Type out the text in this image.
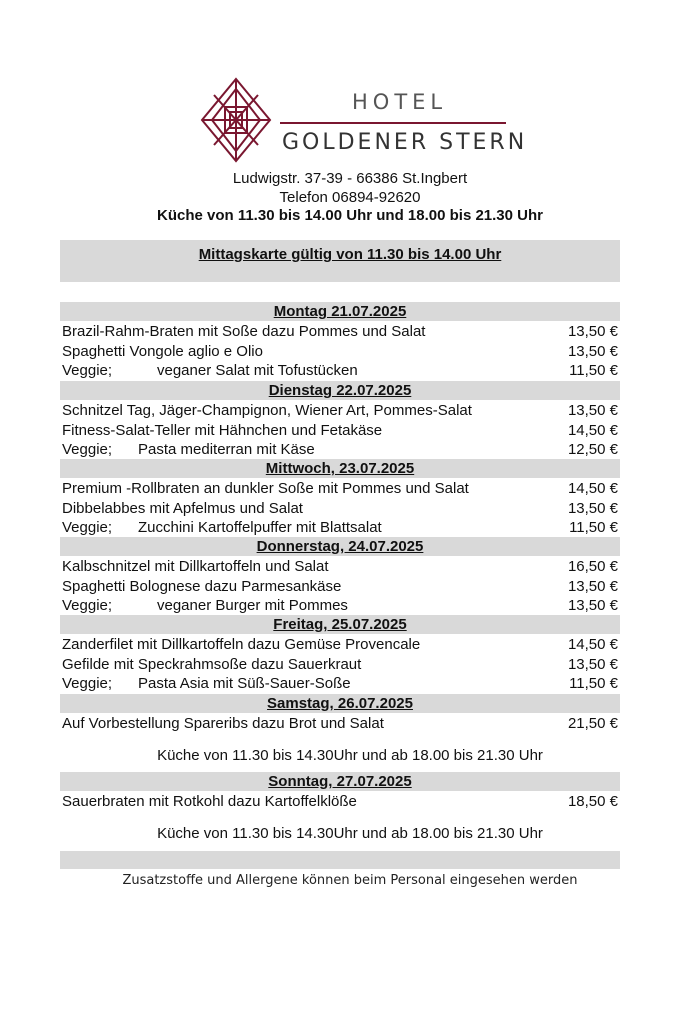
HOTEL
GOLDENER STERN
Ludwigstr. 37-39 - 66386 St.Ingbert
Telefon 06894-92620
Küche von 11.30 bis 14.00 Uhr und 18.00 bis 21.30 Uhr
Mittagskarte gültig von 11.30 bis 14.00 Uhr
Montag 21.07.2025
Brazil-Rahm-Braten mit Soße dazu Pommes und Salat	13,50 €
Spaghetti Vongole aglio e Olio	13,50 €
Veggie;	veganer Salat mit Tofustücken	11,50 €
Dienstag 22.07.2025
Schnitzel Tag, Jäger-Champignon, Wiener Art, Pommes-Salat	13,50 €
Fitness-Salat-Teller mit Hähnchen und Fetakäse	14,50 €
Veggie; Pasta mediterran mit Käse	12,50 €
Mittwoch, 23.07.2025
Premium -Rollbraten an dunkler Soße mit Pommes und Salat	14,50 €
Dibbelabbes mit Apfelmus und Salat	13,50 €
Veggie; Zucchini Kartoffelpuffer mit Blattsalat	11,50 €
Donnerstag, 24.07.2025
Kalbschnitzel mit Dillkartoffeln und Salat	16,50 €
Spaghetti Bolognese dazu Parmesankäse	13,50 €
Veggie;	veganer Burger mit Pommes	13,50 €
Freitag, 25.07.2025
Zanderfilet mit Dillkartoffeln dazu Gemüse Provencale	14,50 €
Gefilde mit Speckrahmsoße dazu Sauerkraut	13,50 €
Veggie; Pasta Asia mit Süß-Sauer-Soße	11,50 €
Samstag, 26.07.2025
Auf Vorbestellung Spareribs dazu Brot und Salat	21,50 €
Küche von 11.30 bis 14.30Uhr und ab 18.00 bis 21.30 Uhr
Sonntag, 27.07.2025
Sauerbraten mit Rotkohl dazu Kartoffelklöße	18,50 €
Küche von 11.30 bis 14.30Uhr und ab 18.00 bis 21.30 Uhr
Zusatzstoffe und Allergene können beim Personal eingesehen werden
